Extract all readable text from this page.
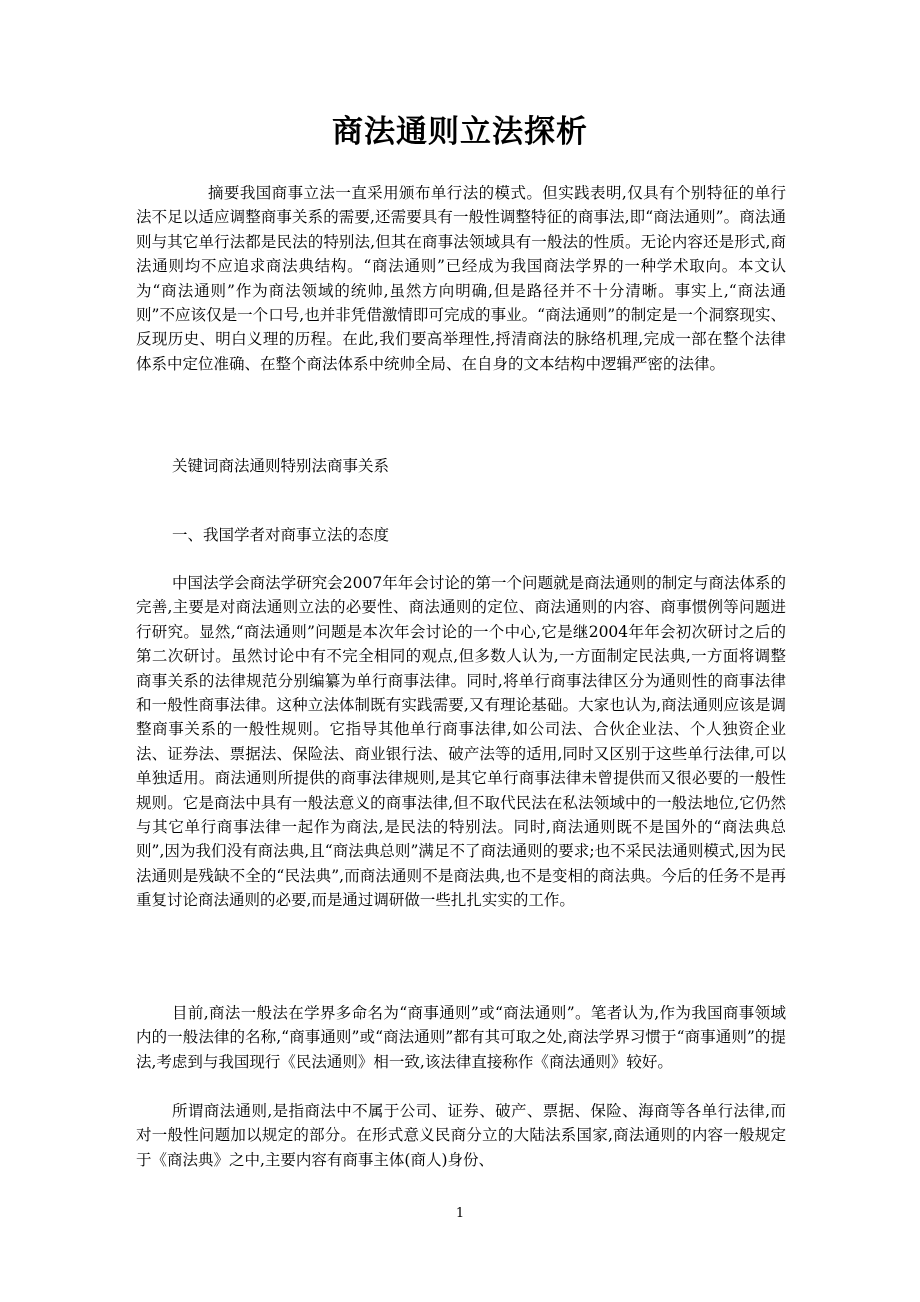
商法通则立法探析

摘要我国商事立法一直采用颁布单行法的模式。但实践表明,仅具有个别特征的单行法不足以适应调整商事关系的需要,还需要具有一般性调整特征的商事法,即“商法通则”。商法通则与其它单行法都是民法的特别法,但其在商事法领域具有一般法的性质。无论内容还是形式,商法通则均不应追求商法典结构。“商法通则”已经成为我国商法学界的一种学术取向。本文认为“商法通则”作为商法领域的统帅,虽然方向明确,但是路径并不十分清晰。事实上,“商法通则”不应该仅是一个口号,也并非凭借激情即可完成的事业。“商法通则”的制定是一个洞察现实、反现历史、明白义理的历程。在此,我们要高举理性,捋清商法的脉络机理,完成一部在整个法律体系中定位准确、在整个商法体系中统帅全局、在自身的文本结构中逻辑严密的法律。

关键词商法通则特别法商事关系

一、我国学者对商事立法的态度

中国法学会商法学研究会2007年年会讨论的第一个问题就是商法通则的制定与商法体系的完善,主要是对商法通则立法的必要性、商法通则的定位、商法通则的内容、商事惯例等问题进行研究。显然,“商法通则”问题是本次年会讨论的一个中心,它是继2004年年会初次研讨之后的第二次研讨。虽然讨论中有不完全相同的观点,但多数人认为,一方面制定民法典,一方面将调整商事关系的法律规范分别编纂为单行商事法律。同时,将单行商事法律区分为通则性的商事法律和一般性商事法律。这种立法体制既有实践需要,又有理论基础。大家也认为,商法通则应该是调整商事关系的一般性规则。它指导其他单行商事法律,如公司法、合伙企业法、个人独资企业法、证券法、票据法、保险法、商业银行法、破产法等的适用,同时又区别于这些单行法律,可以单独适用。商法通则所提供的商事法律规则,是其它单行商事法律未曾提供而又很必要的一般性规则。它是商法中具有一般法意义的商事法律,但不取代民法在私法领域中的一般法地位,它仍然与其它单行商事法律一起作为商法,是民法的特别法。同时,商法通则既不是国外的“商法典总则”,因为我们没有商法典,且“商法典总则”满足不了商法通则的要求;也不采民法通则模式,因为民法通则是残缺不全的“民法典”,而商法通则不是商法典,也不是变相的商法典。今后的任务不是再重复讨论商法通则的必要,而是通过调研做一些扎扎实实的工作。

目前,商法一般法在学界多命名为“商事通则”或“商法通则”。笔者认为,作为我国商事领域内的一般法律的名称,“商事通则”或“商法通则”都有其可取之处,商法学界习惯于“商事通则”的提法,考虑到与我国现行《民法通则》相一致,该法律直接称作《商法通则》较好。

所谓商法通则,是指商法中不属于公司、证券、破产、票据、保险、海商等各单行法律,而对一般性问题加以规定的部分。在形式意义民商分立的大陆法系国家,商法通则的内容一般规定于《商法典》之中,主要内容有商事主体(商人)身份、

1
